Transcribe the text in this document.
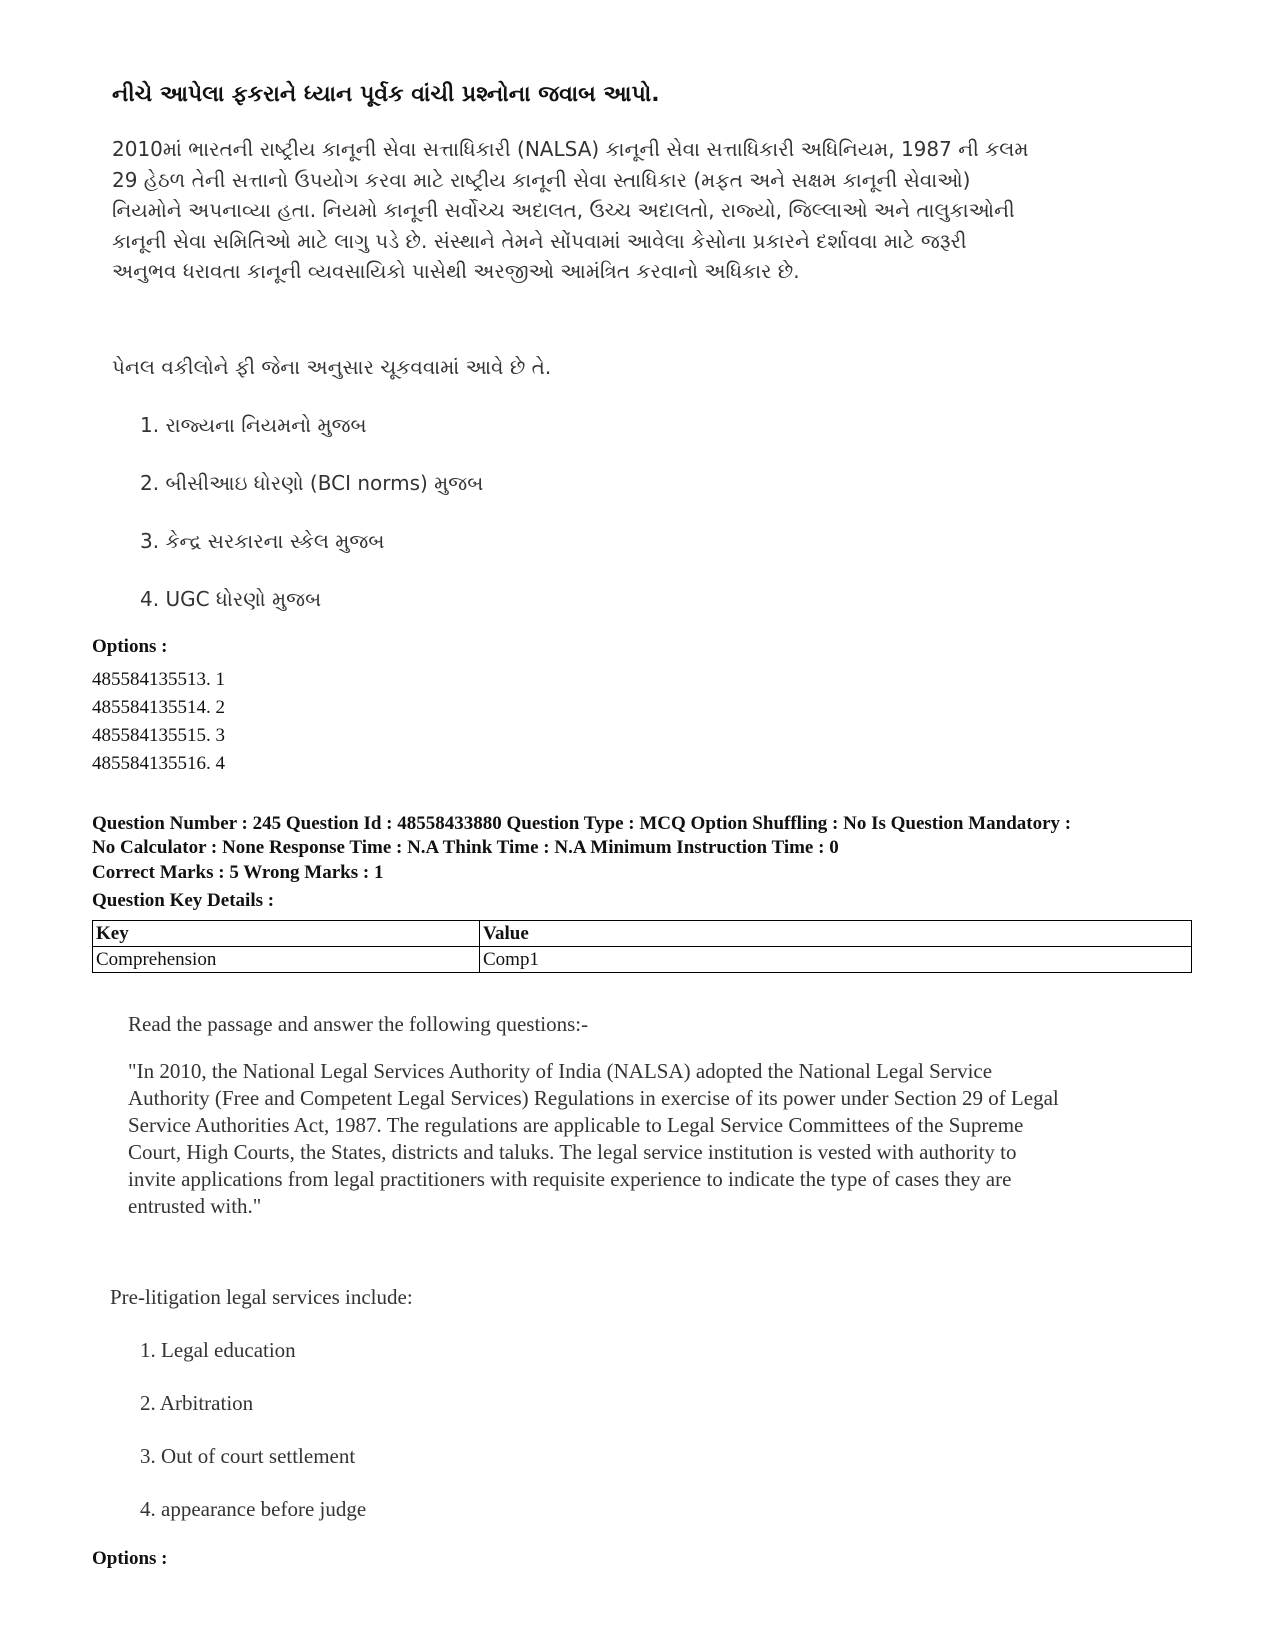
નીચે આપેલા ફકરાને ધ્યાન પૂર્વક વાંચી પ્રશ્નોના જવાબ આપો.
2010માં ભારતની રાષ્ટ્રીય કાનૂની સેવા સત્તાધિકારી (NALSA) કાનૂની સેવા સત્તાધિકારી અધિનિયમ, 1987 ની કલમ
29 હેઠળ તેની સત્તાનો ઉપયોગ કરવા માટે રાષ્ટ્રીય કાનૂની સેવા સ્તાધિકાર (મફત અને સક્ષમ કાનૂની સેવાઓ)
નિયમોને અપનાવ્યા હતા. નિયમો કાનૂની સર્વોચ્ચ અદાલત, ઉચ્ચ અદાલતો, રાજ્યો, જિલ્લાઓ અને તાલુકાઓની
કાનૂની સેવા સમિતિઓ માટે લાગુ પડે છે. સંસ્થાને તેમને સોંપવામાં આવેલા કેસોના પ્રકારને દર્શાવવા માટે જરૂરી
અનુભવ ધરાવતા કાનૂની વ્યવસાયિકો પાસેથી અરજીઓ આમંત્રિત કરવાનો અધિકાર છે.
પેનલ વકીલોને ફી જેના અનુસાર ચૂકવવામાં આવે છે તે.
1. રાજ્યના નિયમનો મુજબ
2. બીસીઆઇ ધોરણો (BCI norms) મુજબ
3. કેન્દ્ર સરકારના સ્કેલ મુજબ
4. UGC ધોરણો મુજબ
Options :
485584135513. 1
485584135514. 2
485584135515. 3
485584135516. 4
Question Number : 245 Question Id : 48558433880 Question Type : MCQ Option Shuffling : No Is Question Mandatory :
No Calculator : None Response Time : N.A Think Time : N.A Minimum Instruction Time : 0
Correct Marks : 5 Wrong Marks : 1
Question Key Details :
Key	Value
Comprehension	Comp1
Read the passage and answer the following questions:-
"In 2010, the National Legal Services Authority of India (NALSA) adopted the National Legal Service
Authority (Free and Competent Legal Services) Regulations in exercise of its power under Section 29 of Legal
Service Authorities Act, 1987. The regulations are applicable to Legal Service Committees of the Supreme
Court, High Courts, the States, districts and taluks. The legal service institution is vested with authority to
invite applications from legal practitioners with requisite experience to indicate the type of cases they are
entrusted with."
Pre-litigation legal services include:
1. Legal education
2. Arbitration
3. Out of court settlement
4. appearance before judge
Options :
